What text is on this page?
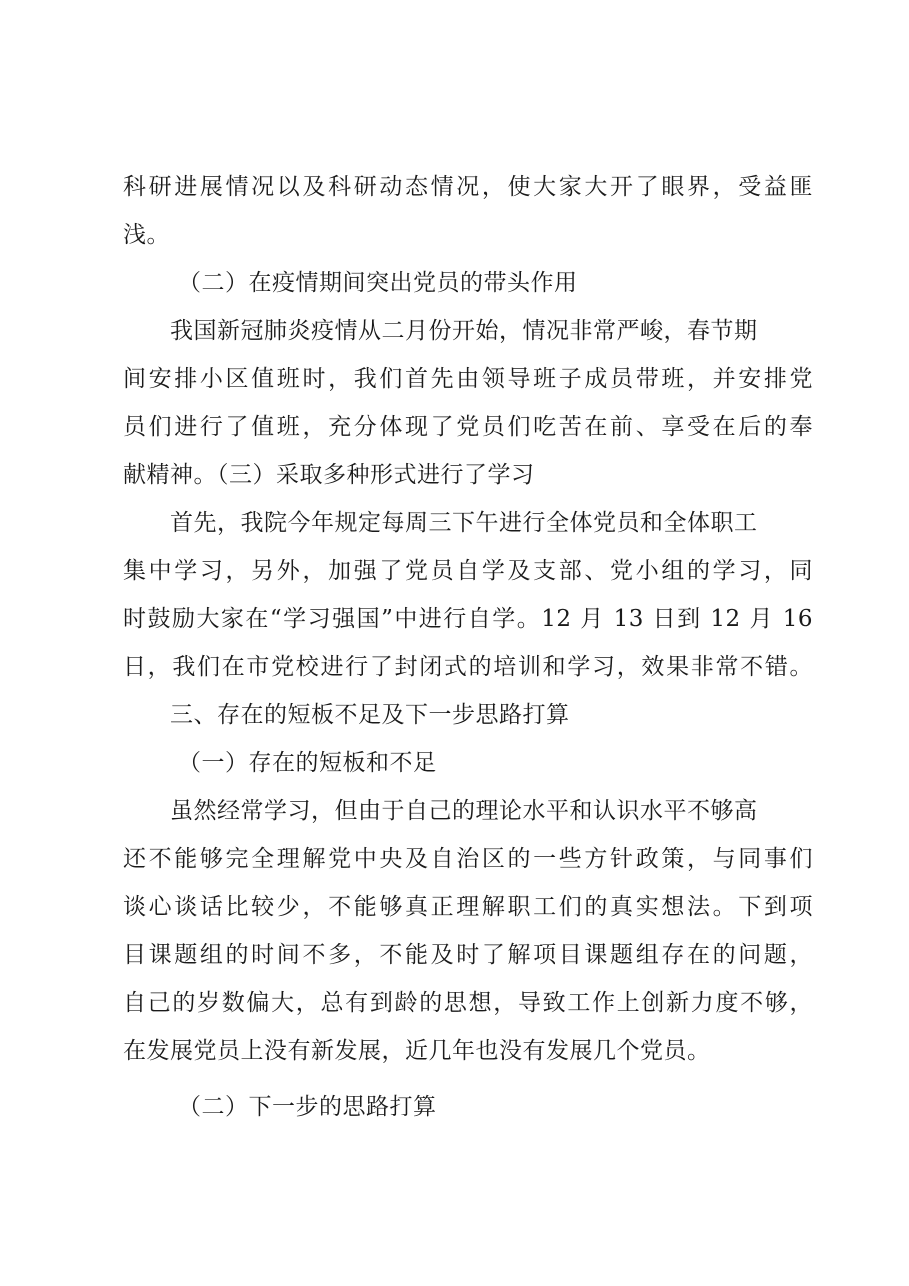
科研进展情况以及科研动态情况，使大家大开了眼界，受益匪
浅。
（二）在疫情期间突出党员的带头作用
我国新冠肺炎疫情从二月份开始，情况非常严峻，春节期
间安排小区值班时，我们首先由领导班子成员带班，并安排党
员们进行了值班，充分体现了党员们吃苦在前、享受在后的奉
献精神。（三）采取多种形式进行了学习
首先，我院今年规定每周三下午进行全体党员和全体职工
集中学习，另外，加强了党员自学及支部、党小组的学习，同
时鼓励大家在“学习强国”中进行自学。12 月 13 日到 12 月 16
日，我们在市党校进行了封闭式的培训和学习，效果非常不错。
三、存在的短板不足及下一步思路打算
（一）存在的短板和不足
虽然经常学习，但由于自己的理论水平和认识水平不够高
还不能够完全理解党中央及自治区的一些方针政策，与同事们
谈心谈话比较少，不能够真正理解职工们的真实想法。下到项
目课题组的时间不多，不能及时了解项目课题组存在的问题，
自己的岁数偏大，总有到龄的思想，导致工作上创新力度不够，
在发展党员上没有新发展，近几年也没有发展几个党员。
（二）下一步的思路打算
